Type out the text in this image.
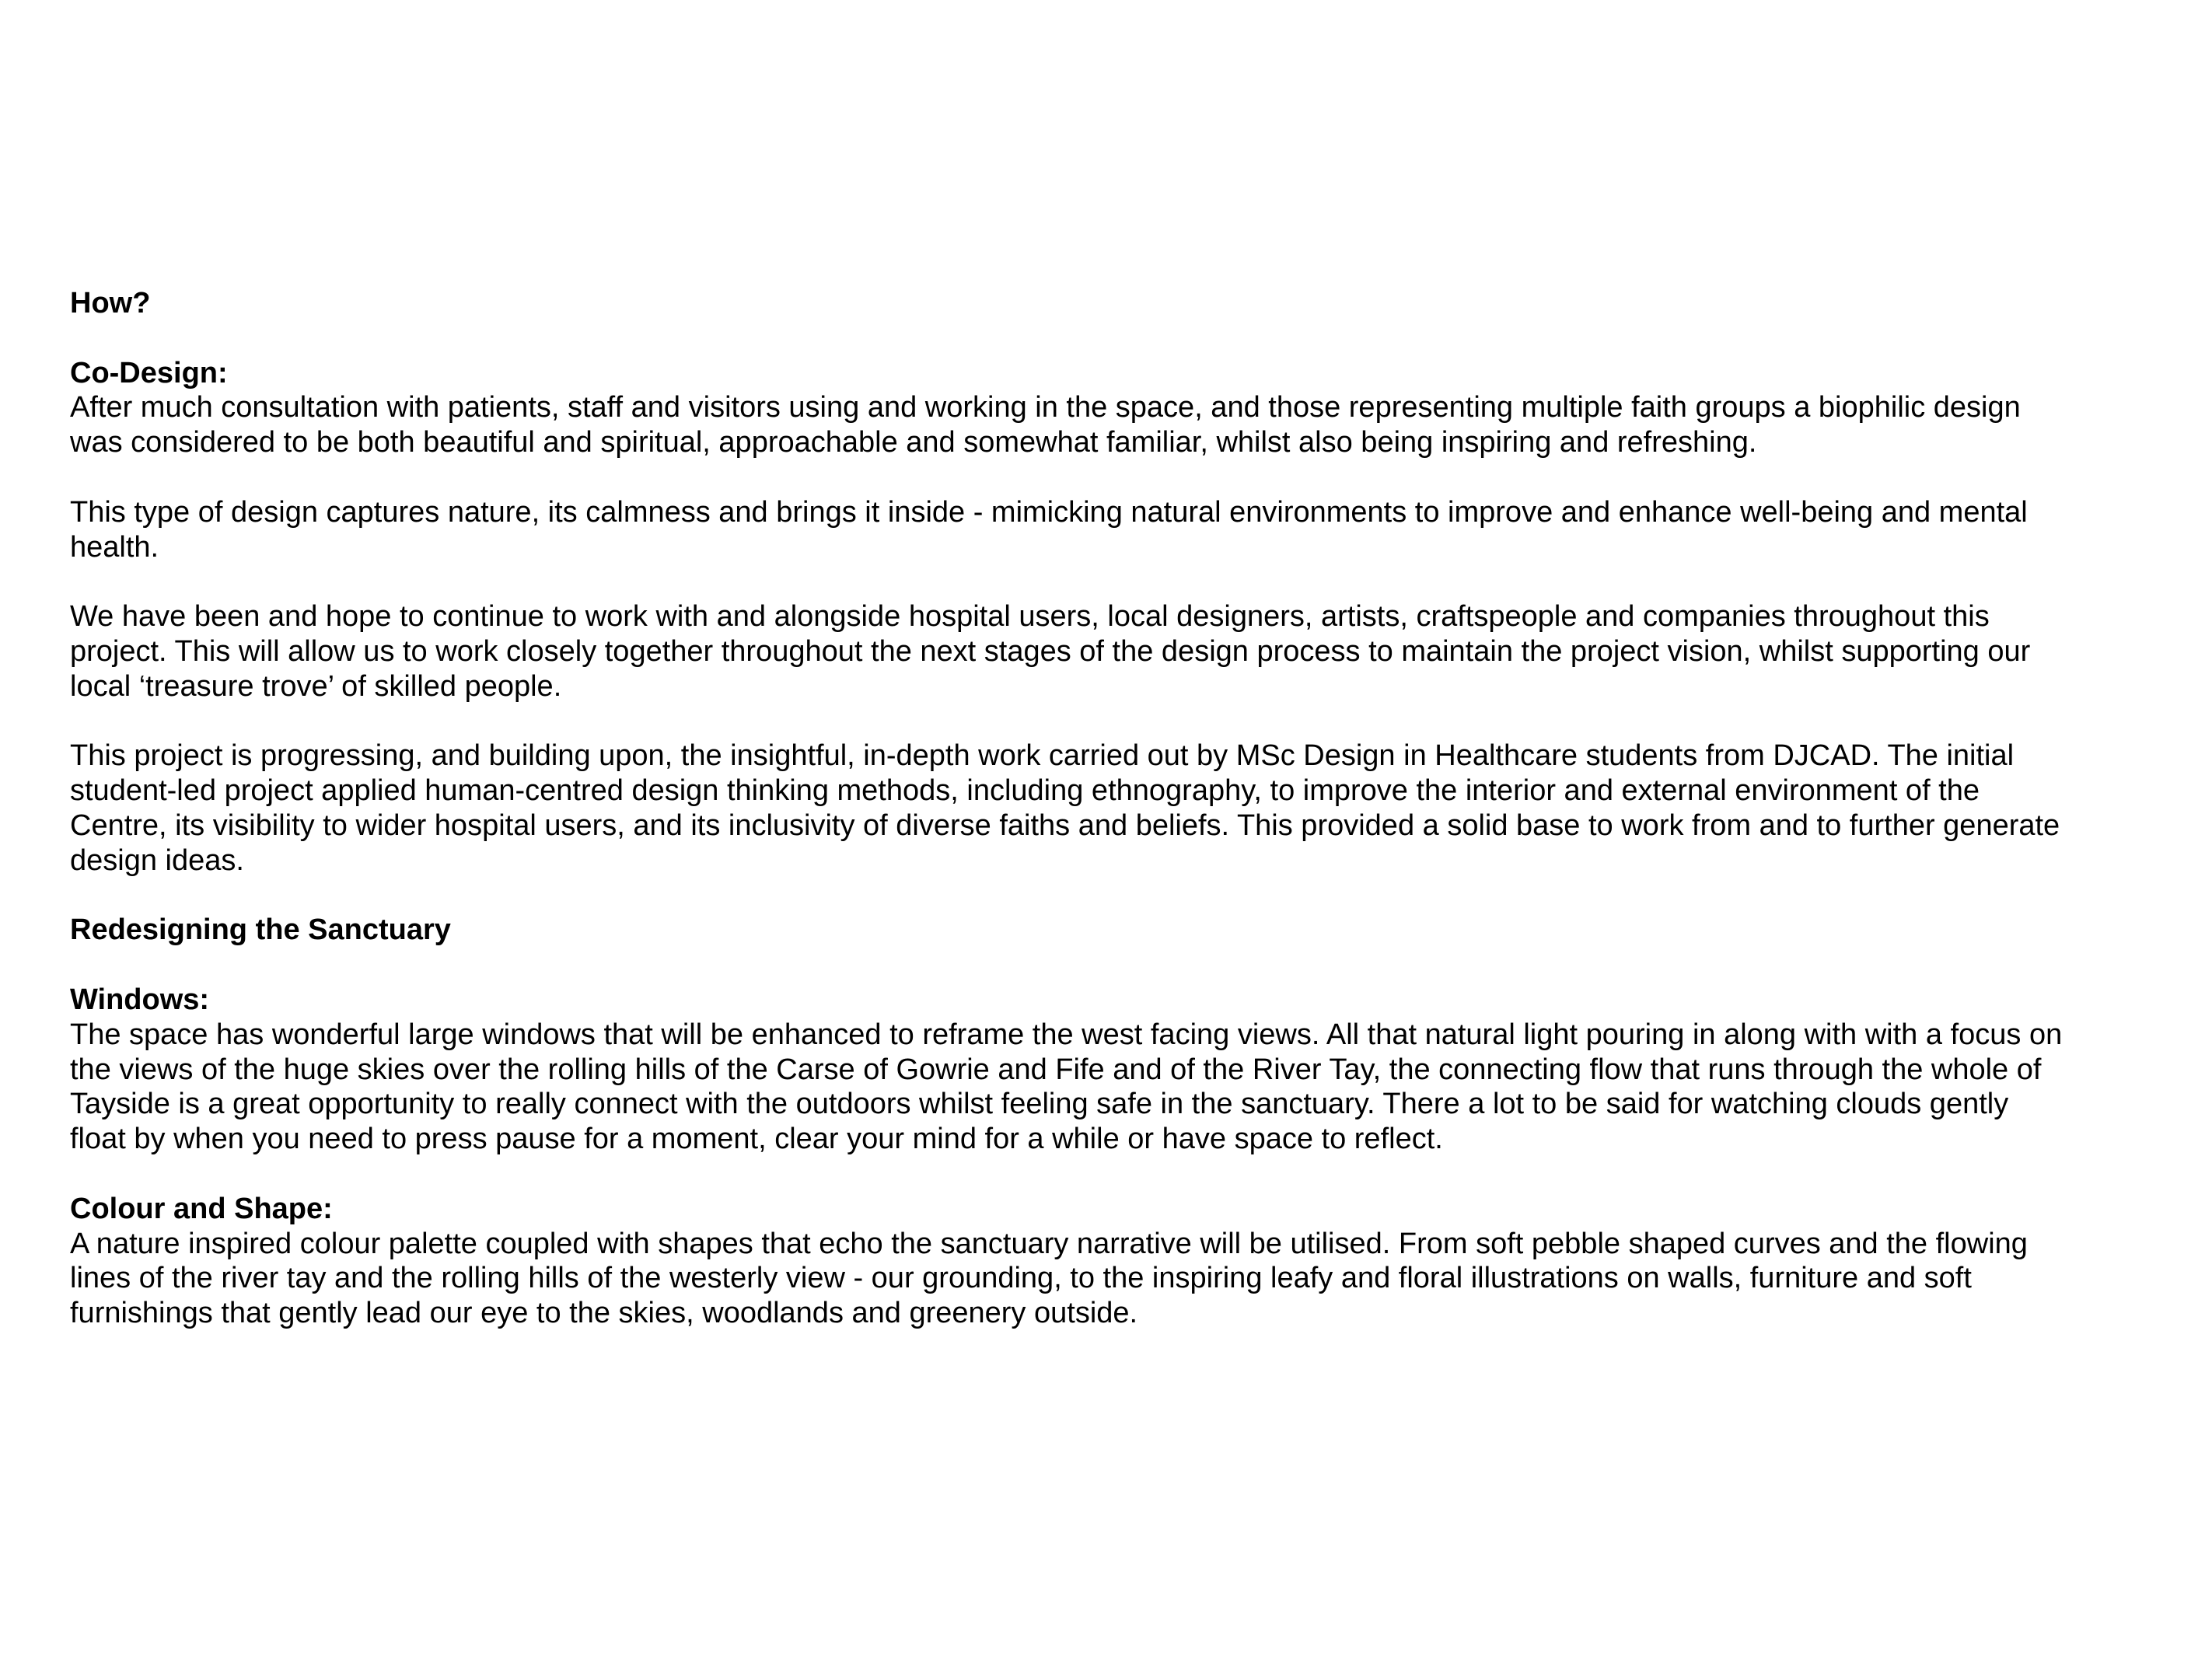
How?
Co-Design:
After much consultation with patients, staff and visitors using and working in the space, and those representing multiple faith groups a biophilic design
was considered to be both beautiful and spiritual, approachable and somewhat familiar, whilst also being inspiring and refreshing.
This type of design captures nature, its calmness and brings it inside - mimicking natural environments to improve and enhance well-being and mental
health.
We have been and hope to continue to work with and alongside hospital users, local designers, artists, craftspeople and companies throughout this
project. This will allow us to work closely together throughout the next stages of the design process to maintain the project vision, whilst supporting our
local ‘treasure trove’ of skilled people.
This project is progressing, and building upon, the insightful, in-depth work carried out by MSc Design in Healthcare students from DJCAD. The initial
student-led project applied human-centred design thinking methods, including ethnography, to improve the interior and external environment of the
Centre, its visibility to wider hospital users, and its inclusivity of diverse faiths and beliefs. This provided a solid base to work from and to further generate
design ideas.
Redesigning the Sanctuary
Windows:
The space has wonderful large windows that will be enhanced to reframe the west facing views. All that natural light pouring in along with with a focus on
the views of the huge skies over the rolling hills of the Carse of Gowrie and Fife and of the River Tay, the connecting flow that runs through the whole of
Tayside is a great opportunity to really connect with the outdoors whilst feeling safe in the sanctuary. There a lot to be said for watching clouds gently
float by when you need to press pause for a moment, clear your mind for a while or have space to reflect.
Colour and Shape:
A nature inspired colour palette coupled with shapes that echo the sanctuary narrative will be utilised. From soft pebble shaped curves and the flowing
lines of the river tay and the rolling hills of the westerly view - our grounding, to the inspiring leafy and floral illustrations on walls, furniture and soft
furnishings that gently lead our eye to the skies, woodlands and greenery outside.
